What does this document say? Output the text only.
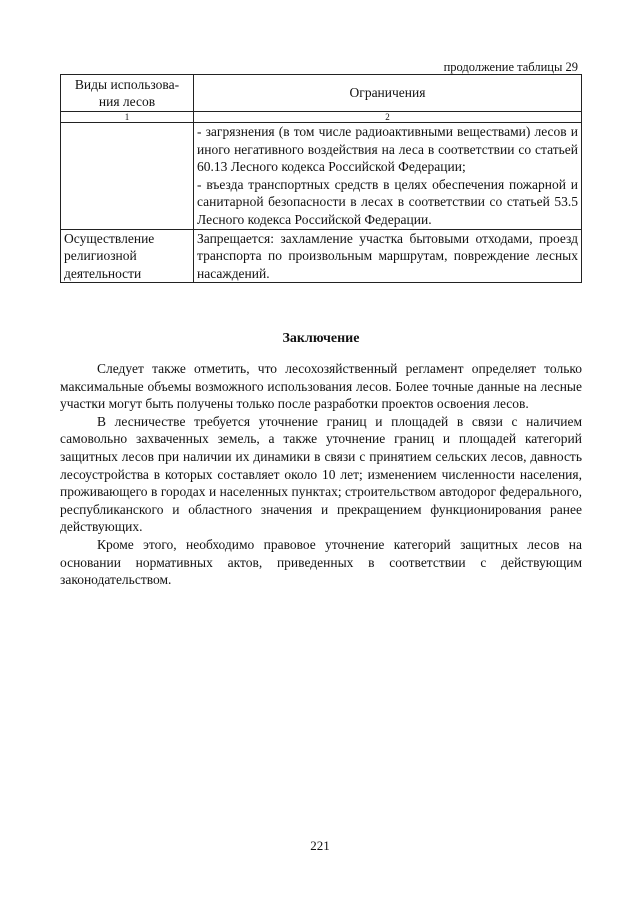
продолжение таблицы 29
Виды использова-
ния лесов	Ограничения
1	2

	- загрязнения (в том числе радиоактивными веществами) лесов и иного негативного воздействия на леса в соответствии со статьей 60.13 Лесного кодекса Российской Федерации;
- въезда транспортных средств в целях обеспечения пожарной и санитарной безопасности в лесах в соответствии со статьей 53.5 Лесного кодекса Российской Федерации.

Осуществление
религиозной
деятельности	Запрещается: захламление участка бытовыми отходами, проезд транспорта по произвольным маршрутам, повреждение лесных насаждений.
Заключение

Следует также отметить, что лесохозяйственный регламент определяет только максимальные объемы возможного использования лесов. Более точные данные на лесные участки могут быть получены только после разработки проектов освоения лесов.

В лесничестве требуется уточнение границ и площадей в связи с наличием самовольно захваченных земель, а также уточнение границ и площадей категорий защитных лесов при наличии их динамики в связи с принятием сельских лесов, давность лесоустройства в которых составляет около 10 лет; изменением численности населения, проживающего в городах и населенных пунктах; строительством автодорог федерального, республиканского и областного значения и прекращением функционирования ранее действующих.

Кроме этого, необходимо правовое уточнение категорий защитных лесов на основании нормативных актов, приведенных в соответствии с действующим законодательством.

221
